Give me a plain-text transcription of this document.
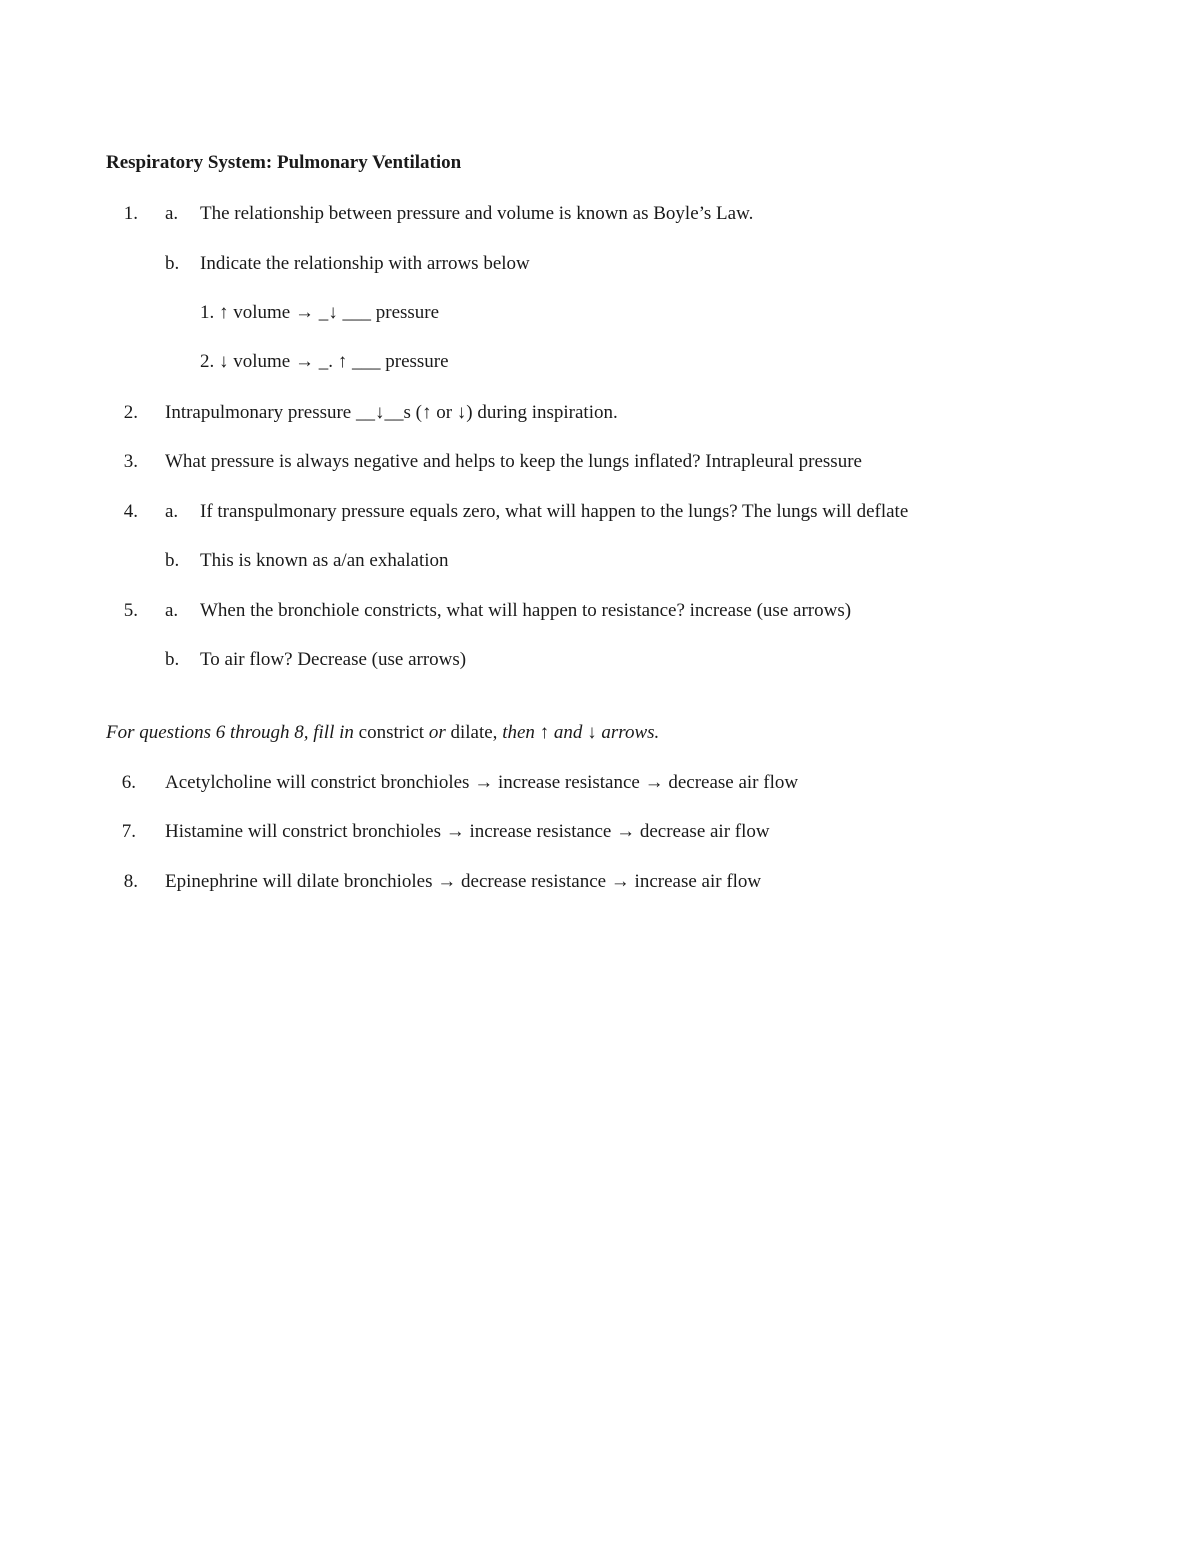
Respiratory System: Pulmonary Ventilation
1. a. The relationship between pressure and volume is known as Boyle’s Law.
b. Indicate the relationship with arrows below
1. ↑ volume → _↓ ___ pressure
2. ↓ volume → _. ↑ ___ pressure
2. Intrapulmonary pressure __↓__s (↑ or ↓) during inspiration.
3. What pressure is always negative and helps to keep the lungs inflated? Intrapleural pressure
4. a. If transpulmonary pressure equals zero, what will happen to the lungs? The lungs will deflate
b. This is known as a/an exhalation
5. a. When the bronchiole constricts, what will happen to resistance? increase (use arrows)
b. To air flow? Decrease (use arrows)
For questions 6 through 8, fill in constrict or dilate, then ↑ and ↓ arrows.
6. Acetylcholine will constrict bronchioles → increase resistance → decrease air flow
7. Histamine will constrict bronchioles → increase resistance → decrease air flow
8. Epinephrine will dilate bronchioles → decrease resistance → increase air flow
